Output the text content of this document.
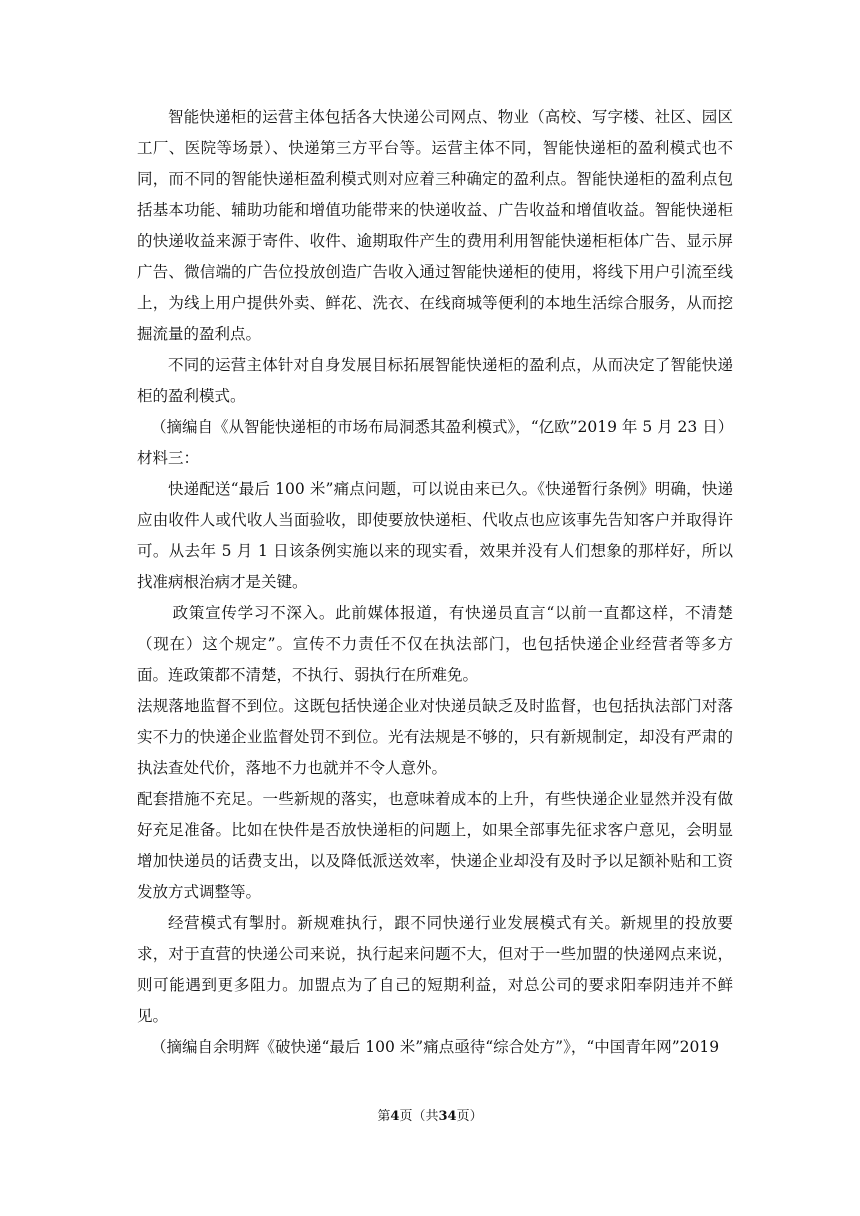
智能快递柜的运营主体包括各大快递公司网点、物业（高校、写字楼、社区、园区工厂、医院等场景）、快递第三方平台等。运营主体不同，智能快递柜的盈利模式也不同，而不同的智能快递柜盈利模式则对应着三种确定的盈利点。智能快递柜的盈利点包括基本功能、辅助功能和增值功能带来的快递收益、广告收益和增值收益。智能快递柜的快递收益来源于寄件、收件、逾期取件产生的费用利用智能快递柜柜体广告、显示屏广告、微信端的广告位投放创造广告收入通过智能快递柜的使用，将线下用户引流至线上，为线上用户提供外卖、鲜花、洗衣、在线商城等便利的本地生活综合服务，从而挖掘流量的盈利点。

不同的运营主体针对自身发展目标拓展智能快递柜的盈利点，从而决定了智能快递柜的盈利模式。

（摘编自《从智能快递柜的市场布局洞悉其盈利模式》，“亿欧”2019 年 5 月 23 日）

材料三：

快递配送“最后 100 米”痛点问题，可以说由来已久。《快递暂行条例》明确，快递应由收件人或代收人当面验收，即使要放快递柜、代收点也应该事先告知客户并取得许可。从去年 5 月 1 日该条例实施以来的现实看，效果并没有人们想象的那样好，所以找准病根治病才是关键。

政策宣传学习不深入。此前媒体报道，有快递员直言“以前一直都这样，不清楚（现在）这个规定”。宣传不力责任不仅在执法部门，也包括快递企业经营者等多方面。连政策都不清楚，不执行、弱执行在所难免。

法规落地监督不到位。这既包括快递企业对快递员缺乏及时监督，也包括执法部门对落实不力的快递企业监督处罚不到位。光有法规是不够的，只有新规制定，却没有严肃的执法查处代价，落地不力也就并不令人意外。

配套措施不充足。一些新规的落实，也意味着成本的上升，有些快递企业显然并没有做好充足准备。比如在快件是否放快递柜的问题上，如果全部事先征求客户意见，会明显增加快递员的话费支出，以及降低派送效率，快递企业却没有及时予以足额补贴和工资发放方式调整等。

经营模式有掣肘。新规难执行，跟不同快递行业发展模式有关。新规里的投放要求，对于直营的快递公司来说，执行起来问题不大，但对于一些加盟的快递网点来说，则可能遇到更多阻力。加盟点为了自己的短期利益，对总公司的要求阳奉阴违并不鲜见。

（摘编自余明辉《破快递“最后 100 米”痛点亟待“综合处方”》，“中国青年网”2019

第4页（共34页）
